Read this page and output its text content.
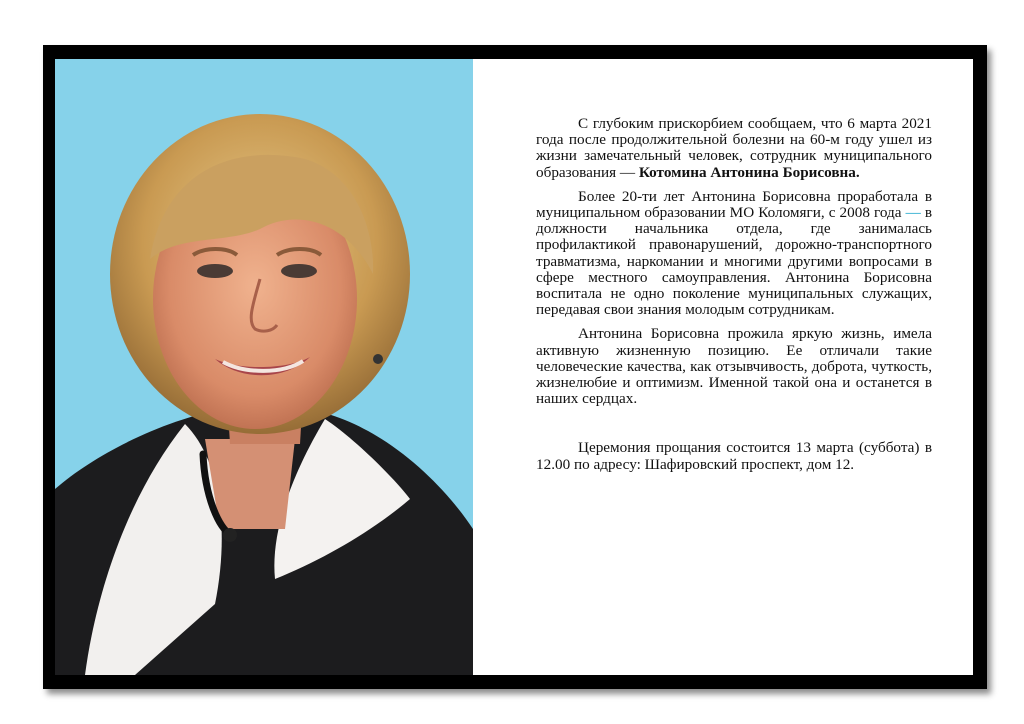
С глубоким прискорбием сообщаем, что 6 марта 2021 года после продолжительной болезни на 60-м году ушел из жизни замечательный человек, сотрудник муниципального образования — Котомина Антонина Борисовна.

Более 20-ти лет Антонина Борисовна проработала в муниципальном образовании МО Коломяги, с 2008 года — в должности начальника отдела, где занималась профилактикой правонарушений, дорожно-транспортного травматизма, наркомании и многими другими вопросами в сфере местного самоуправления. Антонина Борисовна воспитала не одно поколение муниципальных служащих, передавая свои знания молодым сотрудникам.

Антонина Борисовна прожила яркую жизнь, имела активную жизненную позицию. Ее отличали такие человеческие качества, как отзывчивость, доброта, чуткость, жизнелюбие и оптимизм. Именной такой она и останется в наших сердцах.

Церемония прощания состоится 13 марта (суббота) в 12.00 по адресу: Шафировский проспект, дом 12.
